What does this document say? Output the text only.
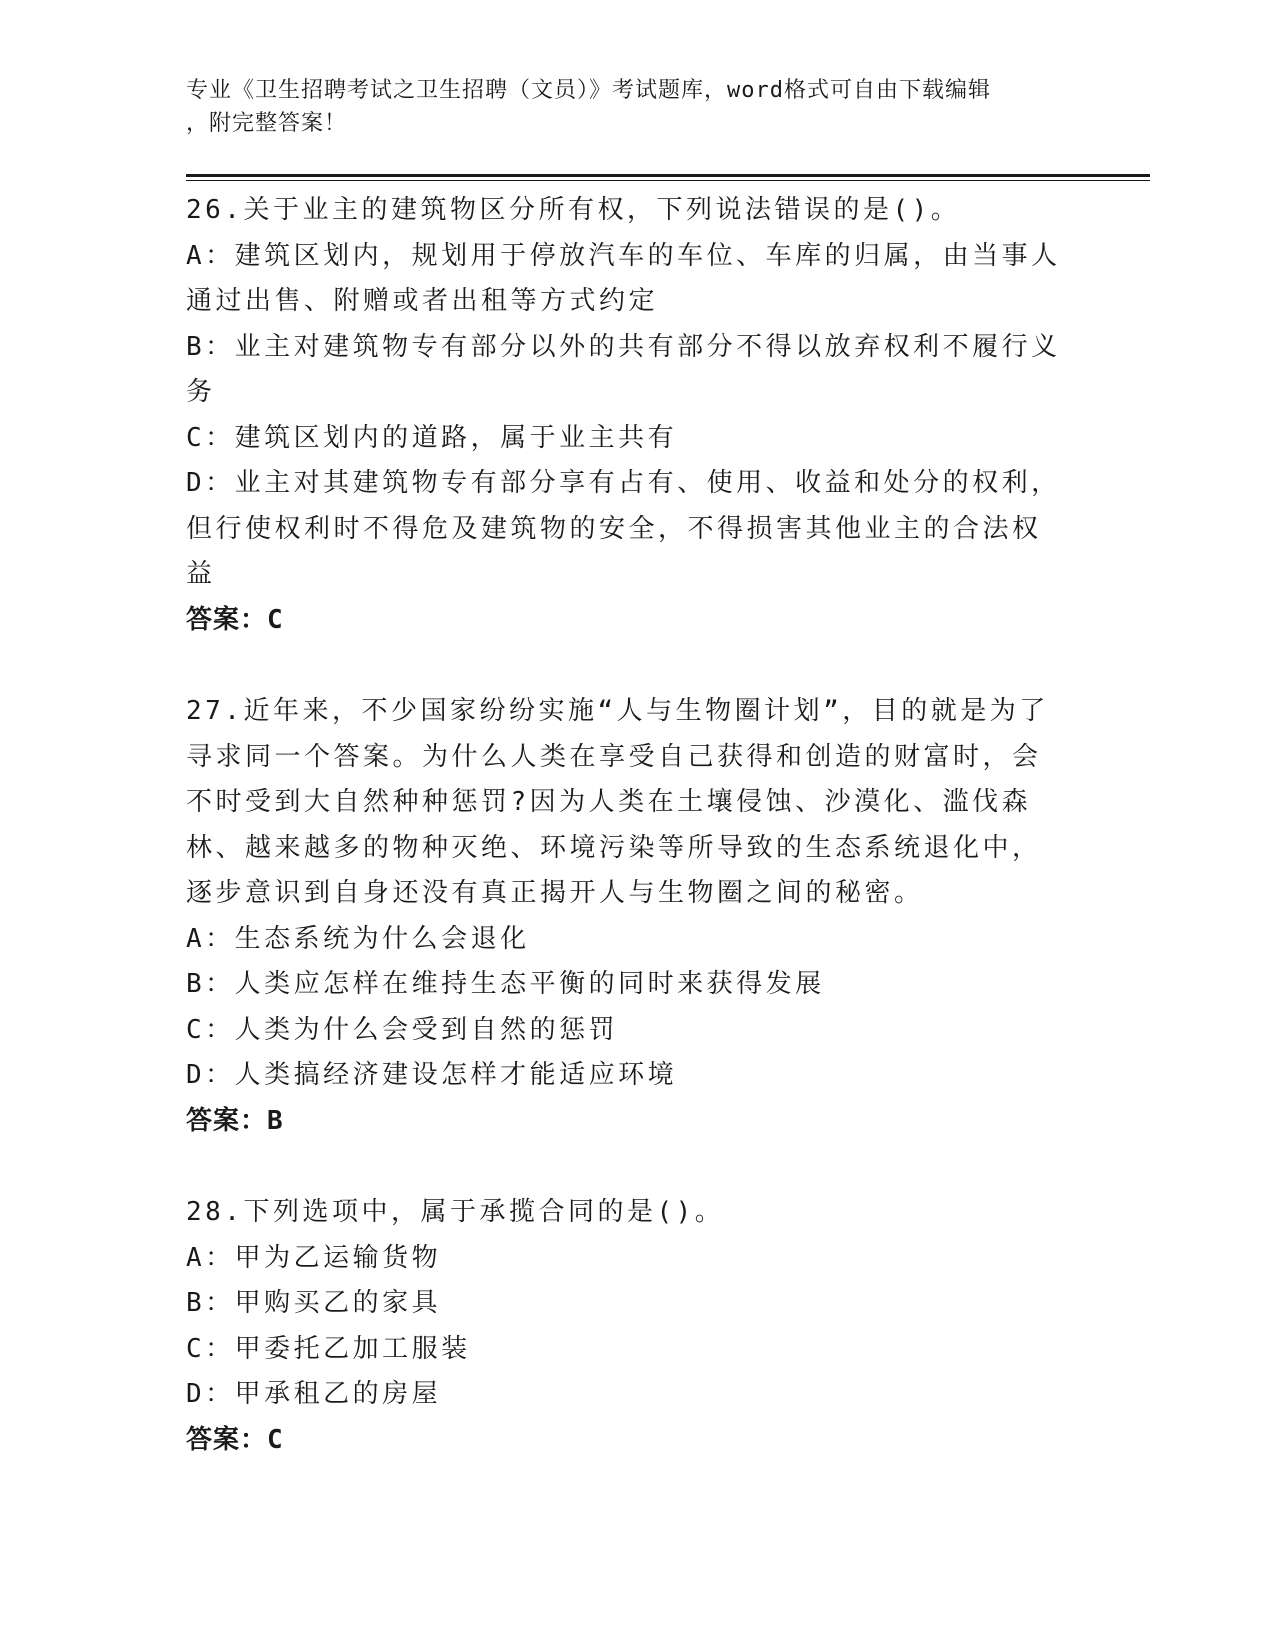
专业《卫生招聘考试之卫生招聘（文员）》考试题库，word格式可自由下载编辑
，附完整答案！
26.关于业主的建筑物区分所有权，下列说法错误的是()。
A：建筑区划内，规划用于停放汽车的车位、车库的归属，由当事人通过出售、附赠或者出租等方式约定
B：业主对建筑物专有部分以外的共有部分不得以放弃权利不履行义务
C：建筑区划内的道路，属于业主共有
D：业主对其建筑物专有部分享有占有、使用、收益和处分的权利，但行使权利时不得危及建筑物的安全，不得损害其他业主的合法权益
答案：C
27.近年来，不少国家纷纷实施“人与生物圈计划”，目的就是为了寻求同一个答案。为什么人类在享受自己获得和创造的财富时，会不时受到大自然种种惩罚?因为人类在土壤侵蚀、沙漠化、滥伐森林、越来越多的物种灭绝、环境污染等所导致的生态系统退化中，逐步意识到自身还没有真正揭开人与生物圈之间的秘密。
A：生态系统为什么会退化
B：人类应怎样在维持生态平衡的同时来获得发展
C：人类为什么会受到自然的惩罚
D：人类搞经济建设怎样才能适应环境
答案：B
28.下列选项中，属于承揽合同的是()。
A：甲为乙运输货物
B：甲购买乙的家具
C：甲委托乙加工服装
D：甲承租乙的房屋
答案：C
